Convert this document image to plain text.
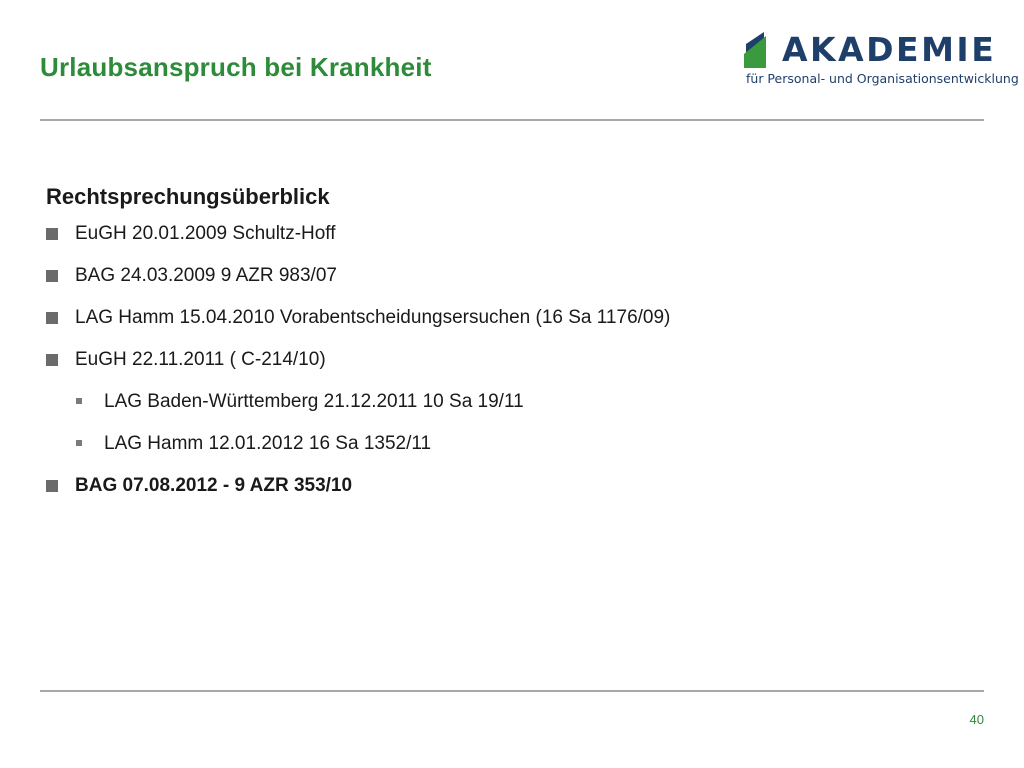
Urlaubsanspruch bei Krankheit	AKADEMIE
für Personal- und Organisationsentwicklung
Rechtsprechungsüberblick
EuGH 20.01.2009 Schultz-Hoff
BAG 24.03.2009 9 AZR 983/07
LAG Hamm 15.04.2010 Vorabentscheidungsersuchen (16 Sa 1176/09)
EuGH 22.11.2011 ( C-214/10)
LAG Baden-Württemberg 21.12.2011 10 Sa 19/11
LAG Hamm 12.01.2012 16 Sa 1352/11
BAG 07.08.2012 - 9 AZR 353/10
40
